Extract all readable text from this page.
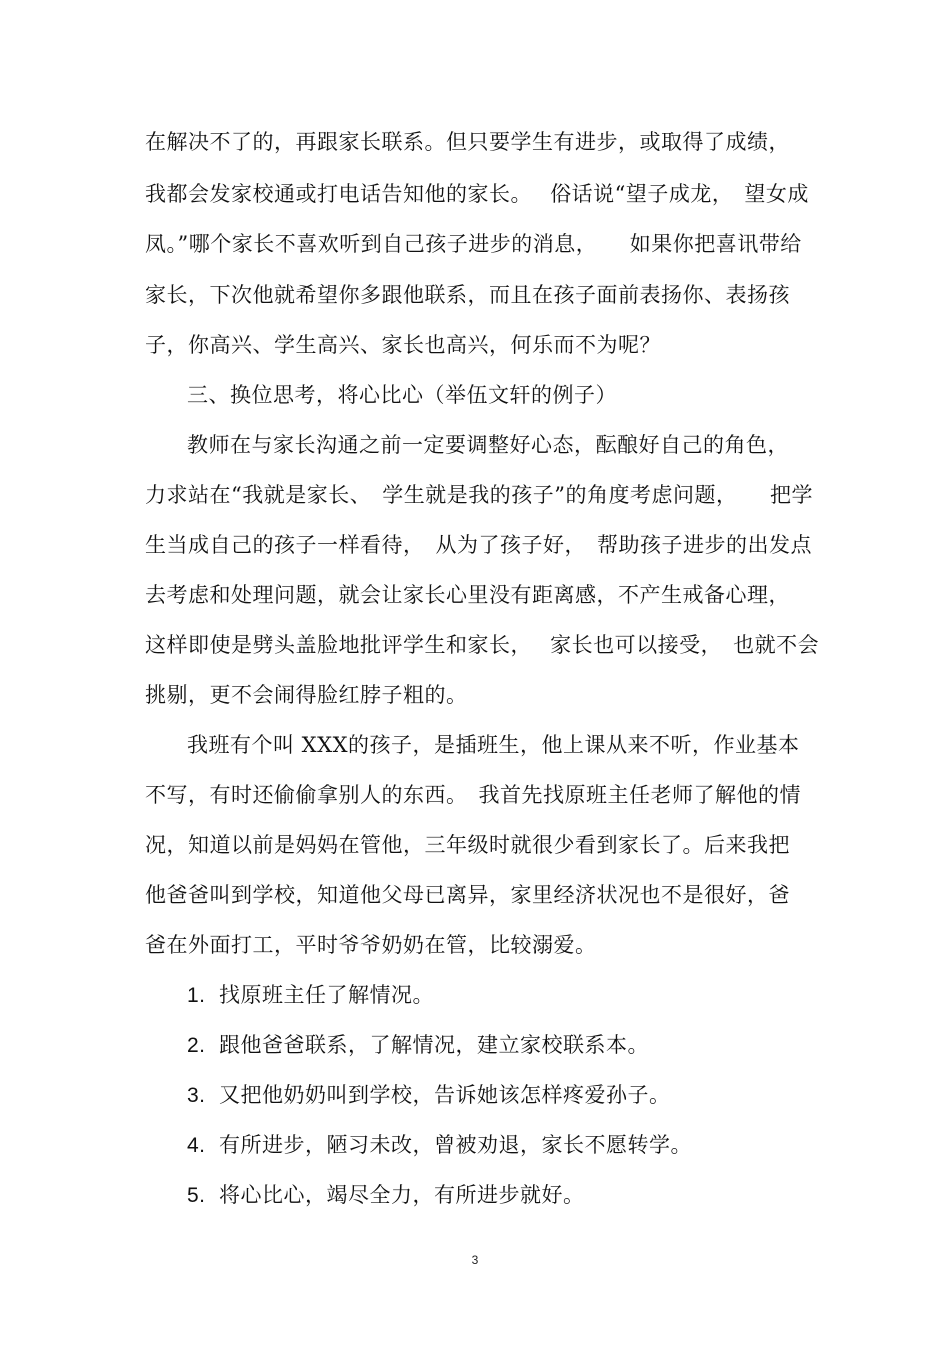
在解决不了的，再跟家长联系。但只要学生有进步，或取得了成绩，
我都会发家校通或打电话告知他的家长。　 俗话说“望子成龙，　望女成
凤。”哪个家长不喜欢听到自己孩子进步的消息，　　如果你把喜讯带给
家长，下次他就希望你多跟他联系，而且在孩子面前表扬你、表扬孩
子，你高兴、学生高兴、家长也高兴，何乐而不为呢？
三、换位思考，将心比心（举伍文轩的例子）
教师在与家长沟通之前一定要调整好心态，酝酿好自己的角色，
力求站在“我就是家长、　学生就是我的孩子”的角度考虑问题，　　把学
生当成自己的孩子一样看待，　从为了孩子好，　帮助孩子进步的出发点
去考虑和处理问题，就会让家长心里没有距离感，不产生戒备心理，
这样即使是劈头盖脸地批评学生和家长，　 家长也可以接受，　也就不会
挑剔，更不会闹得脸红脖子粗的。
我班有个叫 XXX的孩子，是插班生，他上课从来不听，作业基本
不写，有时还偷偷拿别人的东西。　我首先找原班主任老师了解他的情
况，知道以前是妈妈在管他，三年级时就很少看到家长了。后来我把
他爸爸叫到学校，知道他父母已离异，家里经济状况也不是很好，爸
爸在外面打工，平时爷爷奶奶在管，比较溺爱。
1. 找原班主任了解情况。
2. 跟他爸爸联系，了解情况，建立家校联系本。
3. 又把他奶奶叫到学校，告诉她该怎样疼爱孙子。
4. 有所进步，陋习未改，曾被劝退，家长不愿转学。
5. 将心比心，竭尽全力，有所进步就好。
3
